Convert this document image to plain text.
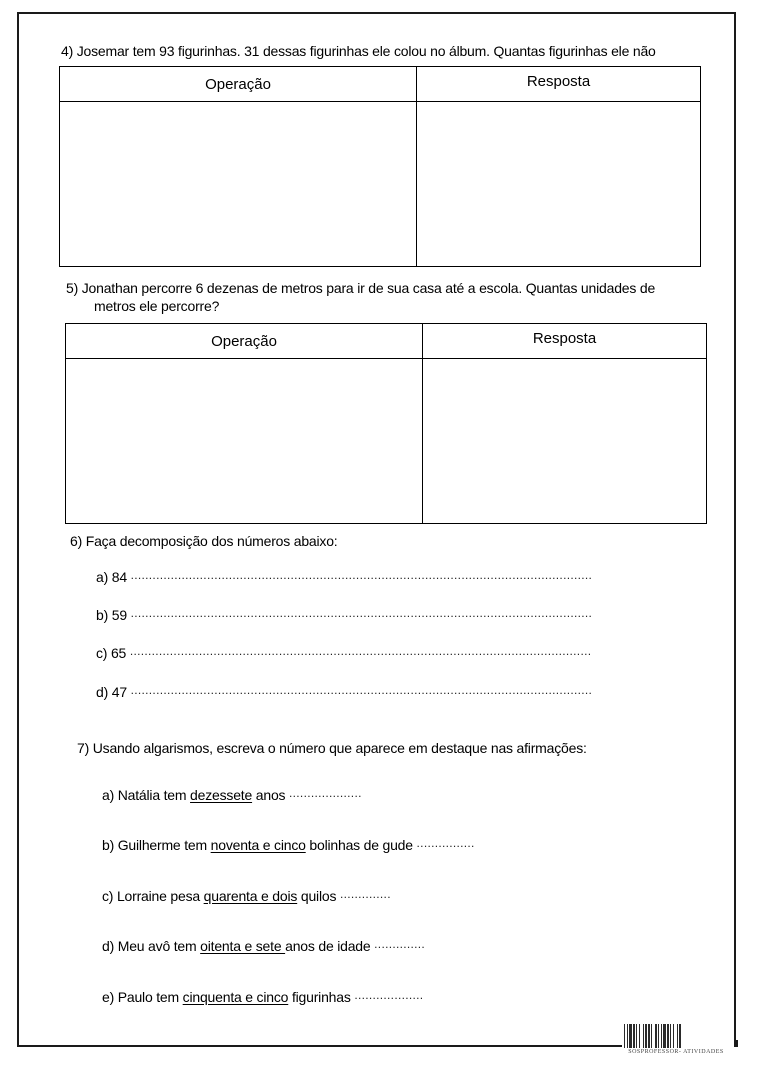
4) Josemar tem 93 figurinhas. 31 dessas figurinhas ele colou no álbum. Quantas figurinhas ele não
Operação	Resposta

5) Jonathan percorre 6 dezenas de metros para ir de sua casa até a escola. Quantas unidades de
metros ele percorre?
Operação	Resposta

6) Faça decomposição dos números abaixo:
a) 84 ...............................................................................................................................
b) 59 ...............................................................................................................................
c) 65 ...............................................................................................................................
d) 47 ...............................................................................................................................
7) Usando algarismos, escreva o número que aparece em destaque nas afirmações:
a) Natália tem dezessete anos ....................
b) Guilherme tem noventa e cinco bolinhas de gude ................
c) Lorraine pesa quarenta e dois quilos ..............
d) Meu avô tem oitenta e sete anos de idade ..............
e) Paulo tem cinquenta e cinco figurinhas ...................
SOSPROFESSOR- ATIVIDADES
